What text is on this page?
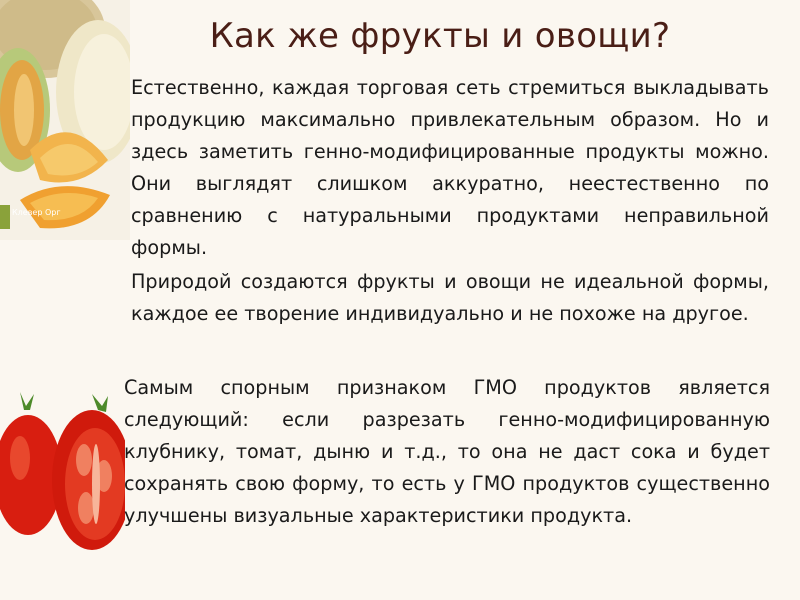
Клевер Орг
Как же фрукты и овощи?

Естественно, каждая торговая сеть стремиться выкладывать продукцию максимально привлекательным образом. Но и здесь заметить генно-модифицированные продукты можно. Они выглядят слишком аккуратно, неестественно по сравнению с натуральными продуктами неправильной формы.

Природой создаются фрукты и овощи не идеальной формы, каждое ее творение индивидуально и не похоже на другое.

Самым спорным признаком ГМО продуктов является следующий: если разрезать генно-модифицированную клубнику, томат, дыню и т.д., то она не даст сока и будет сохранять свою форму, то есть у ГМО продуктов существенно улучшены визуальные характеристики продукта.
